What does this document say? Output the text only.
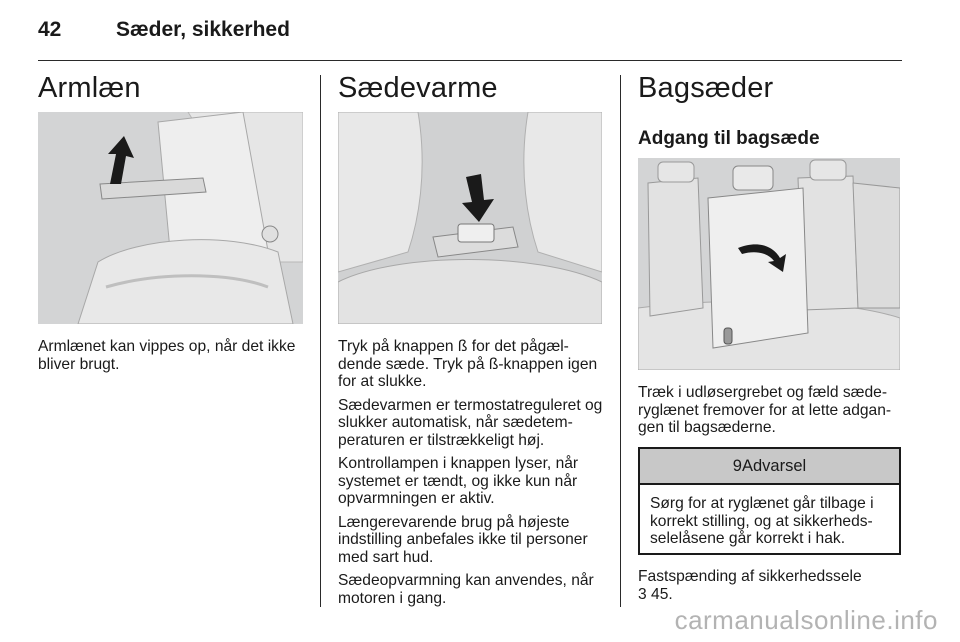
42	Sæder, sikkerhed
Armlæn

Armlænet kan vippes op, når det ikke bliver brugt.

Sædevarme

Tryk på knappen ß for det pågæl-dende sæde. Tryk på ß-knappen igen for at slukke.

Sædevarmen er termostatreguleret og slukker automatisk, når sædetem-peraturen er tilstrækkeligt høj.

Kontrollampen i knappen lyser, når systemet er tændt, og ikke kun når opvarmningen er aktiv.

Længerevarende brug på højeste indstilling anbefales ikke til personer med sart hud.

Sædeopvarmning kan anvendes, når motoren i gang.

Bagsæder
Adgang til bagsæde

Træk i udløsergrebet og fæld sæde-ryglænet fremover for at lette adgan-gen til bagsæderne.

9Advarsel

Sørg for at ryglænet går tilbage i korrekt stilling, og at sikkerheds-selelåsene går korrekt i hak.

Fastspænding af sikkerhedssele

3 45.

carmanualsonline.info
